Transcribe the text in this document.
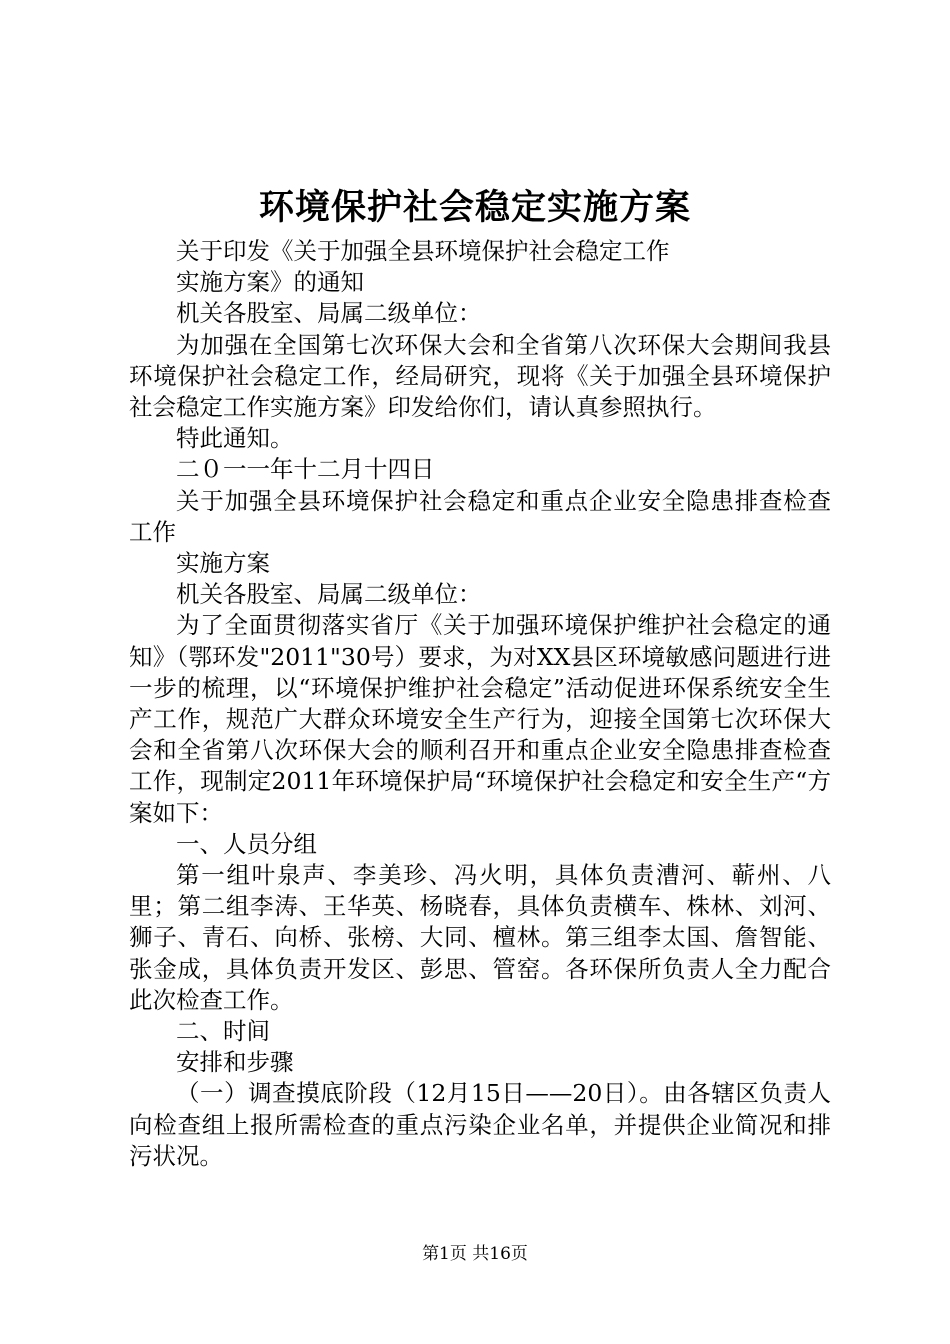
环境保护社会稳定实施方案

关于印发《关于加强全县环境保护社会稳定工作

实施方案》的通知

机关各股室、局属二级单位：

为加强在全国第七次环保大会和全省第八次环保大会期间我县环境保护社会稳定工作，经局研究，现将《关于加强全县环境保护社会稳定工作实施方案》印发给你们，请认真参照执行。

特此通知。

二０一一年十二月十四日

关于加强全县环境保护社会稳定和重点企业安全隐患排查检查工作

实施方案

机关各股室、局属二级单位：

为了全面贯彻落实省厅《关于加强环境保护维护社会稳定的通知》（鄂环发"2011"30号）要求，为对XX县区环境敏感问题进行进一步的梳理，以“环境保护维护社会稳定”活动促进环保系统安全生产工作，规范广大群众环境安全生产行为，迎接全国第七次环保大会和全省第八次环保大会的顺利召开和重点企业安全隐患排查检查工作，现制定2011年环境保护局“环境保护社会稳定和安全生产“方案如下：

一、人员分组

第一组叶泉声、李美珍、冯火明，具体负责漕河、蕲州、八里；第二组李涛、王华英、杨晓春，具体负责横车、株林、刘河、狮子、青石、向桥、张榜、大同、檀林。第三组李太国、詹智能、张金成，具体负责开发区、彭思、管窑。各环保所负责人全力配合此次检查工作。

二、时间

安排和步骤

（一）调查摸底阶段（12月15日——20日）。由各辖区负责人向检查组上报所需检查的重点污染企业名单，并提供企业简况和排污状况。

第1页 共16页
